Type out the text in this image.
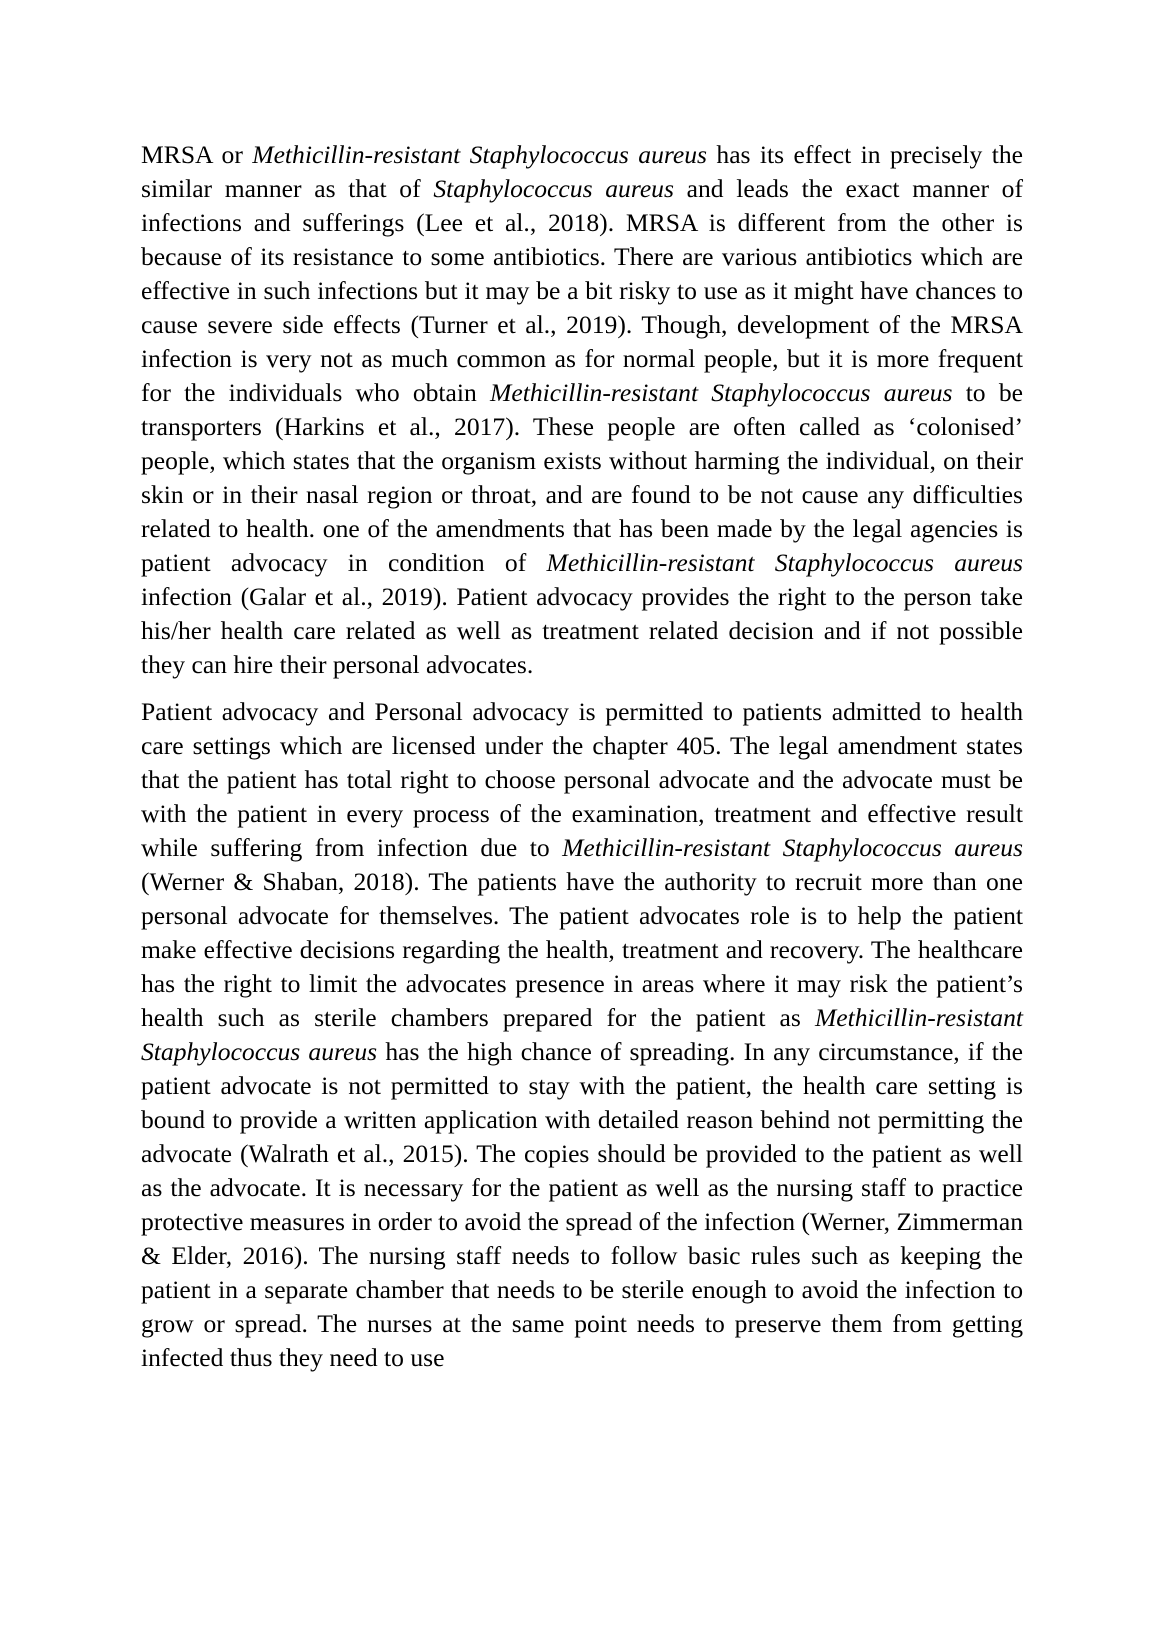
MRSA or Methicillin-resistant Staphylococcus aureus has its effect in precisely the similar manner as that of Staphylococcus aureus and leads the exact manner of infections and sufferings (Lee et al., 2018). MRSA is different from the other is because of its resistance to some antibiotics. There are various antibiotics which are effective in such infections but it may be a bit risky to use as it might have chances to cause severe side effects (Turner et al., 2019). Though, development of the MRSA infection is very not as much common as for normal people, but it is more frequent for the individuals who obtain Methicillin-resistant Staphylococcus aureus to be transporters (Harkins et al., 2017). These people are often called as ‘colonised’ people, which states that the organism exists without harming the individual, on their skin or in their nasal region or throat, and are found to be not cause any difficulties related to health. one of the amendments that has been made by the legal agencies is patient advocacy in condition of Methicillin-resistant Staphylococcus aureus infection (Galar et al., 2019). Patient advocacy provides the right to the person take his/her health care related as well as treatment related decision and if not possible they can hire their personal advocates.

Patient advocacy and Personal advocacy is permitted to patients admitted to health care settings which are licensed under the chapter 405. The legal amendment states that the patient has total right to choose personal advocate and the advocate must be with the patient in every process of the examination, treatment and effective result while suffering from infection due to Methicillin-resistant Staphylococcus aureus (Werner & Shaban, 2018). The patients have the authority to recruit more than one personal advocate for themselves. The patient advocates role is to help the patient make effective decisions regarding the health, treatment and recovery. The healthcare has the right to limit the advocates presence in areas where it may risk the patient’s health such as sterile chambers prepared for the patient as Methicillin-resistant Staphylococcus aureus has the high chance of spreading. In any circumstance, if the patient advocate is not permitted to stay with the patient, the health care setting is bound to provide a written application with detailed reason behind not permitting the advocate (Walrath et al., 2015). The copies should be provided to the patient as well as the advocate. It is necessary for the patient as well as the nursing staff to practice protective measures in order to avoid the spread of the infection (Werner, Zimmerman & Elder, 2016). The nursing staff needs to follow basic rules such as keeping the patient in a separate chamber that needs to be sterile enough to avoid the infection to grow or spread. The nurses at the same point needs to preserve them from getting infected thus they need to use
